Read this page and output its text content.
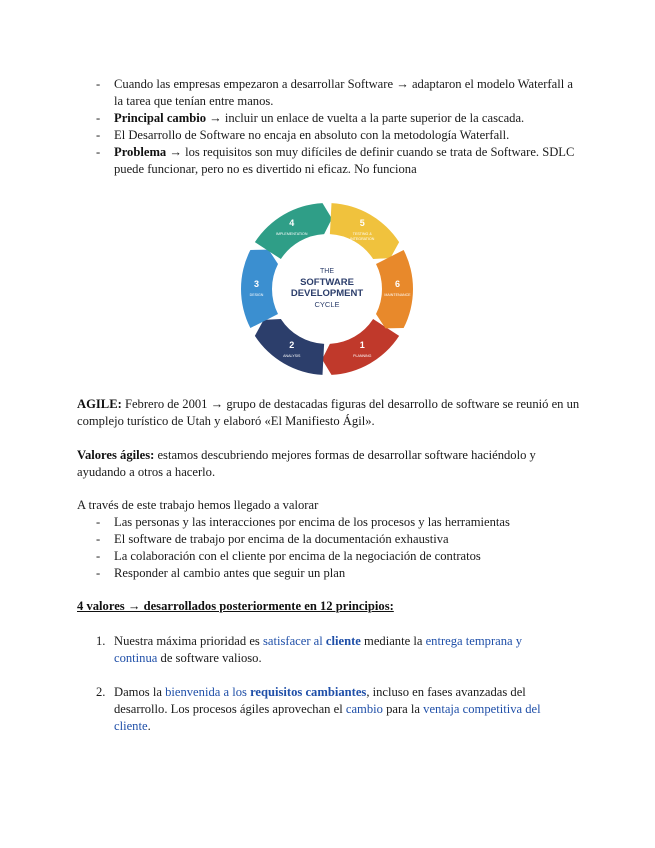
- Cuando las empresas empezaron a desarrollar Software → adaptaron el modelo Waterfall a la tarea que tenían entre manos.
- Principal cambio → incluir un enlace de vuelta a la parte superior de la cascada.
- El Desarrollo de Software no encaja en absoluto con la metodología Waterfall.
- Problema → los requisitos son muy difíciles de definir cuando se trata de Software. SDLC puede funcionar, pero no es divertido ni eficaz. No funciona
1
PLANNING
2
ANALYSIS
3
DESIGN
4
IMPLEMENTATION
5
TESTING &
INTEGRATION
6
MAINTENANCE
THE
SOFTWARE
DEVELOPMENT
CYCLE

AGILE: Febrero de 2001 → grupo de destacadas figuras del desarrollo de software se reunió en un complejo turístico de Utah y elaboró «El Manifiesto Ágil».

Valores ágiles: estamos descubriendo mejores formas de desarrollar software haciéndolo y ayudando a otros a hacerlo.

A través de este trabajo hemos llegado a valorar

- Las personas y las interacciones por encima de los procesos y las herramientas
- El software de trabajo por encima de la documentación exhaustiva
- La colaboración con el cliente por encima de la negociación de contratos
- Responder al cambio antes que seguir un plan

4 valores → desarrollados posteriormente en 12 principios:

1. Nuestra máxima prioridad es satisfacer al cliente mediante la entrega temprana y continua de software valioso.
2. Damos la bienvenida a los requisitos cambiantes, incluso en fases avanzadas del desarrollo. Los procesos ágiles aprovechan el cambio para la ventaja competitiva del cliente.
